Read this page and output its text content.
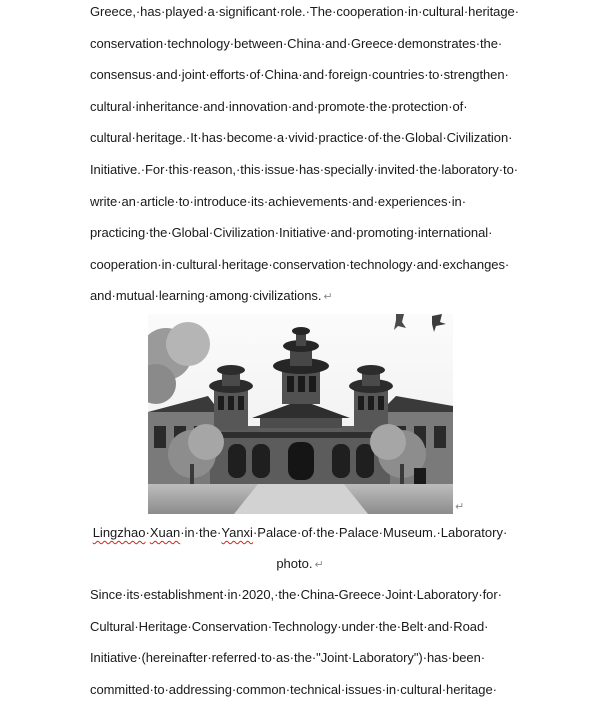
Greece,·has·played·a·significant·role.·The·cooperation·in·cultural·heritage·
conservation·technology·between·China·and·Greece·demonstrates·the·
consensus·and·joint·efforts·of·China·and·foreign·countries·to·strengthen·
cultural·inheritance·and·innovation·and·promote·the·protection·of·
cultural·heritage.·It·has·become·a·vivid·practice·of·the·Global·Civilization·
Initiative.·For·this·reason,·this·issue·has·specially·invited·the·laboratory·to·
write·an·article·to·introduce·its·achievements·and·experiences·in·
practicing·the·Global·Civilization·Initiative·and·promoting·international·
cooperation·in·cultural·heritage·conservation·technology·and·exchanges·
and·mutual·learning·among·civilizations. ↵
↵
Lingzhao·Xuan·in·the·Yanxi·Palace·of·the·Palace·Museum.·Laboratory·
photo. ↵
Since·its·establishment·in·2020,·the·China-Greece·Joint·Laboratory·for·
Cultural·Heritage·Conservation·Technology·under·the·Belt·and·Road·
Initiative·(hereinafter·referred·to·as·the·"Joint·Laboratory")·has·been·
committed·to·addressing·common·technical·issues·in·cultural·heritage·
